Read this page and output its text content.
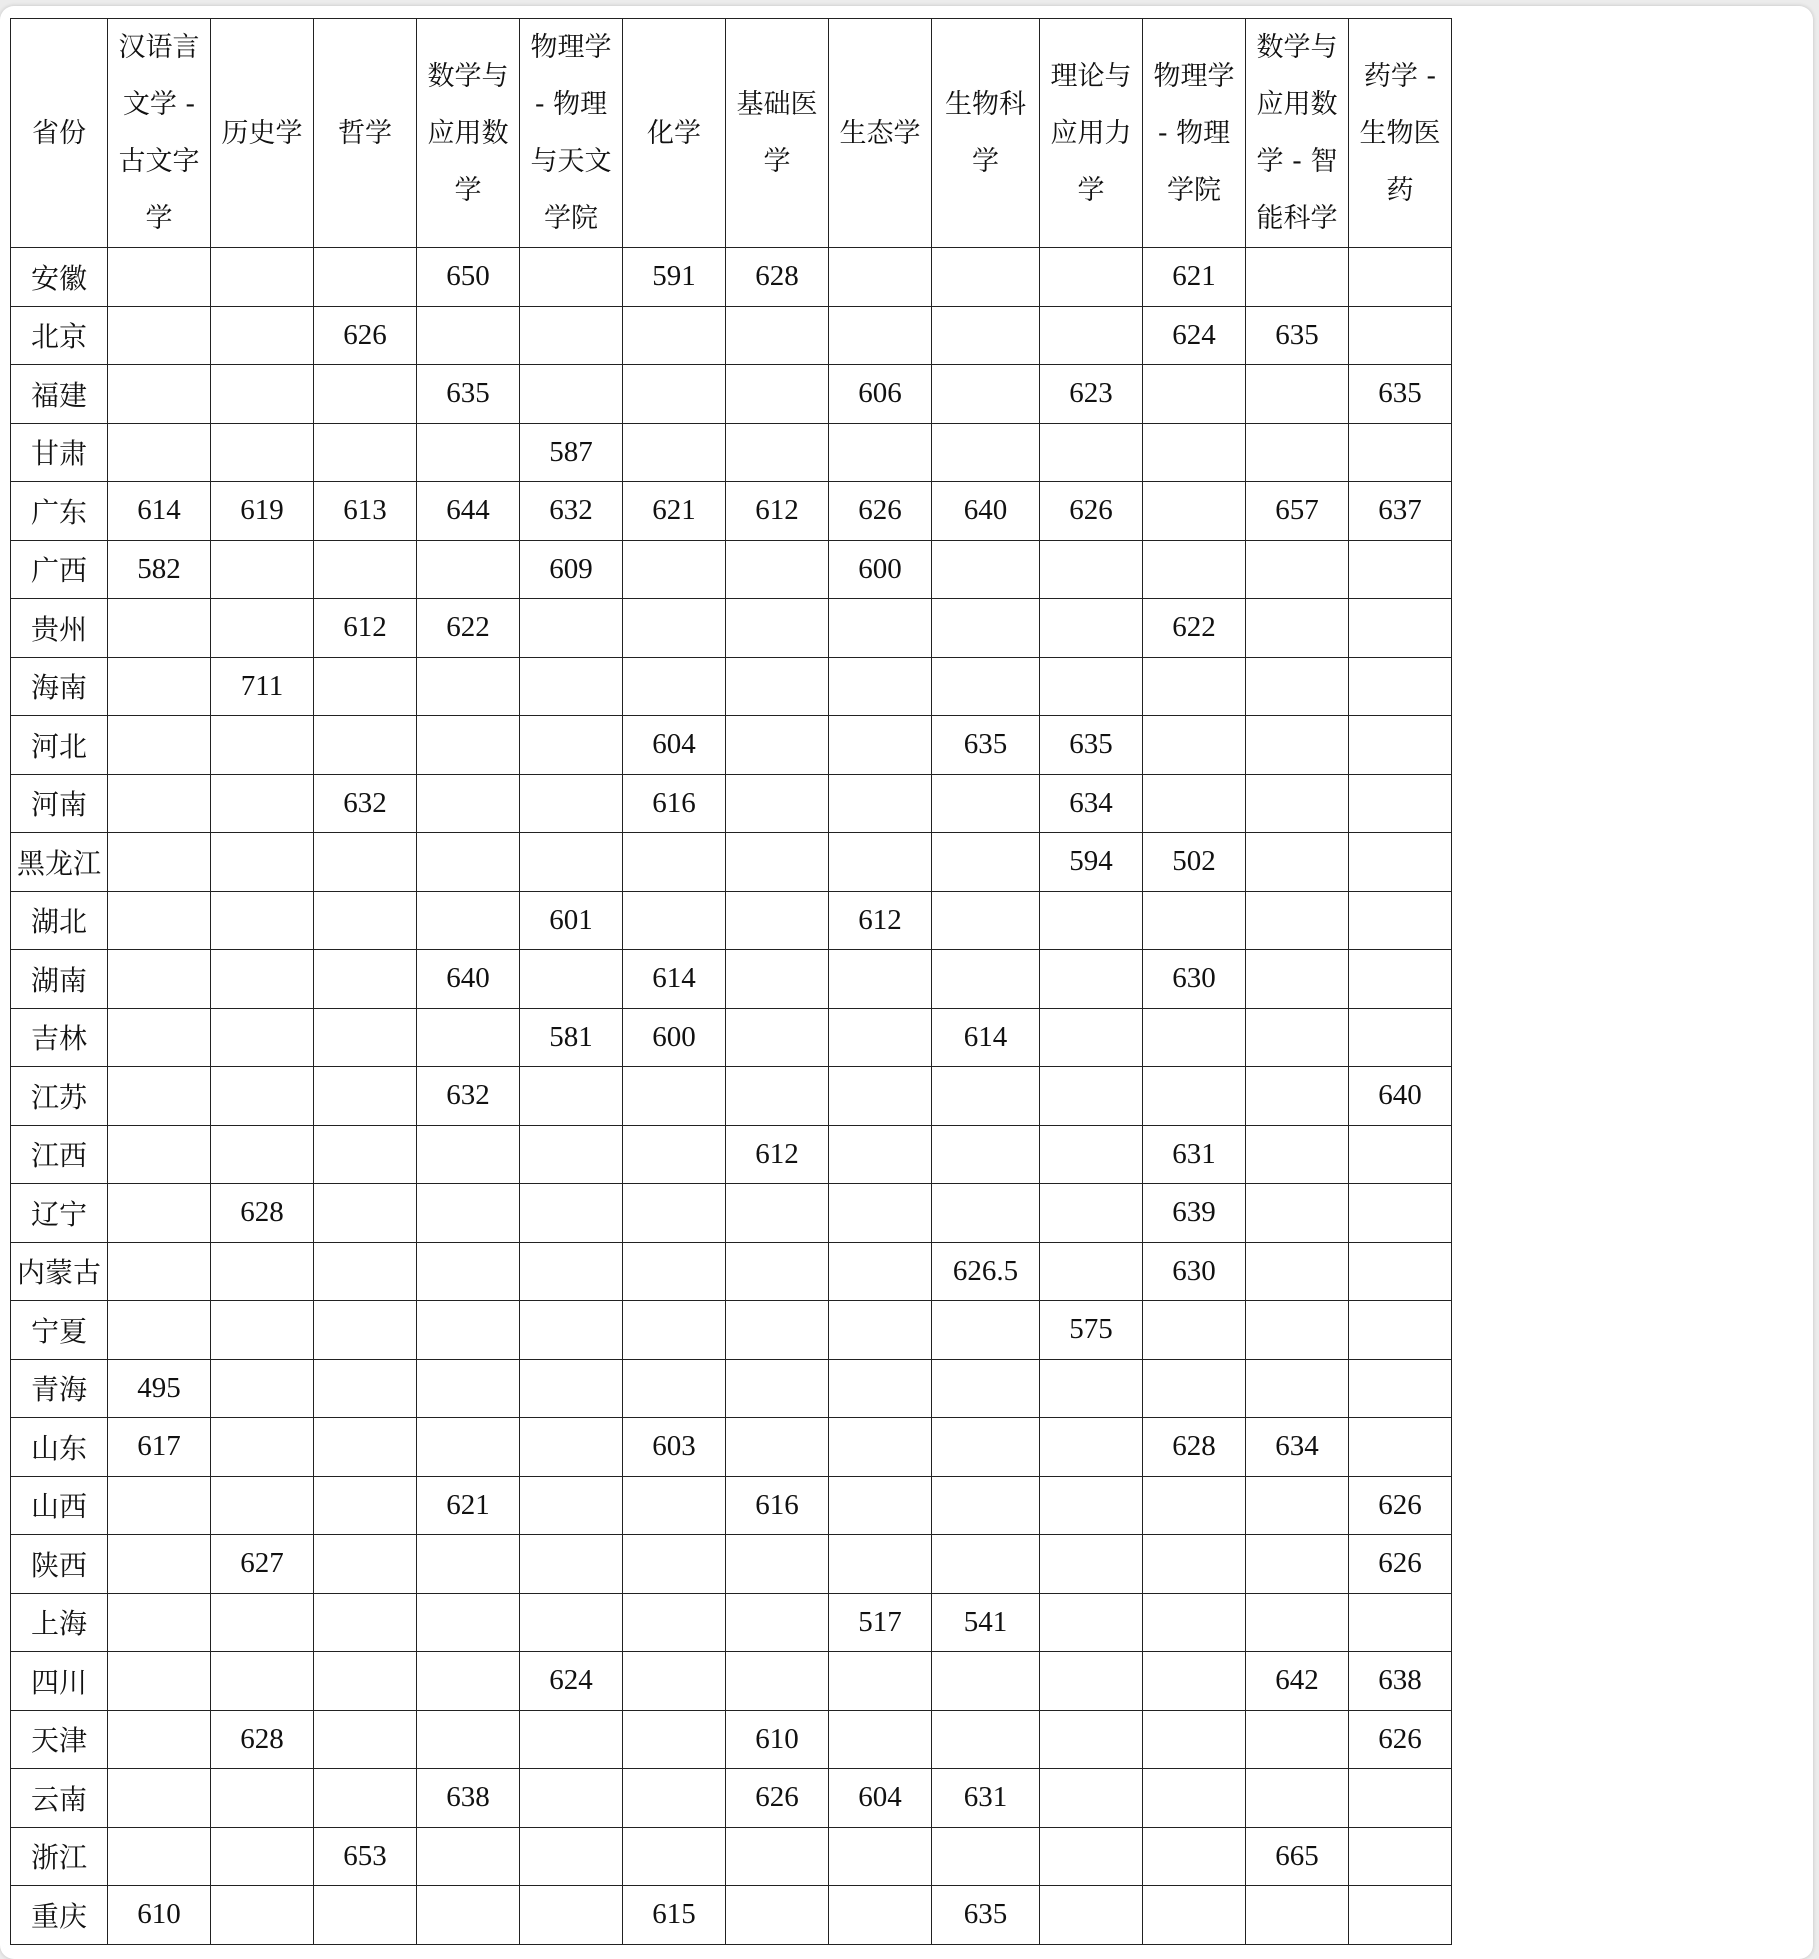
省份	汉语言
文学 -
古文字
学	历史学	哲学	数学与
应用数
学	物理学
- 物理
与天文
学院	化学	基础医
学	生态学	生物科
学	理论与
应用力
学	物理学
- 物理
学院	数学与
应用数
学 - 智
能科学	药学 -
生物医
药
安徽				650		591	628				621		
北京			626								624	635	
福建				635				606		623			635
甘肃					587								
广东	614	619	613	644	632	621	612	626	640	626		657	637
广西	582				609			600					
贵州			612	622							622		
海南		711											
河北						604			635	635			
河南			632			616				634			
黑龙江										594	502		
湖北					601			612					
湖南				640		614					630		
吉林					581	600			614				
江苏				632									640
江西							612				631		
辽宁		628									639		
内蒙古									626.5		630		
宁夏										575			
青海	495												
山东	617					603					628	634	
山西				621			616						626
陕西		627											626
上海								517	541				
四川					624							642	638
天津		628					610						626
云南				638			626	604	631				
浙江			653									665	
重庆	610					615			635				
